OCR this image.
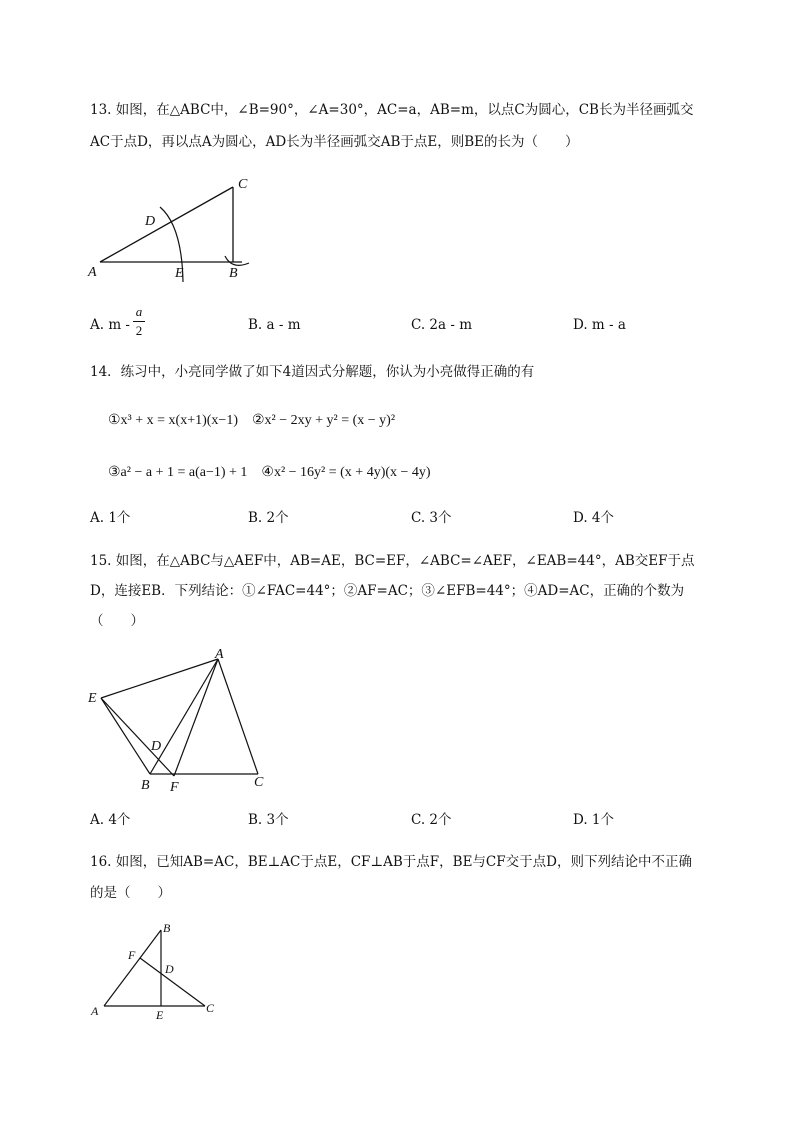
13. 如图，在△ABC中，∠B=90°，∠A=30°，AC=a，AB=m，以点C为圆心，CB长为半径画弧交
AC于点D，再以点A为圆心，AD长为半径画弧交AB于点E，则BE的长为（　　）
A	E	B
C
D
A. m -
a
2	B. a - m	C. 2a - m	D. m - a
14．练习中，小亮同学做了如下4道因式分解题，你认为小亮做得正确的有
①x³ + x = x(x+1)(x−1)　②x² − 2xy + y² = (x − y)²
③a² − a + 1 = a(a−1) + 1　④x² − 16y² = (x + 4y)(x − 4y)
A. 1个	B. 2个	C. 3个	D. 4个
15. 如图，在△ABC与△AEF中，AB=AE，BC=EF，∠ABC=∠AEF，∠EAB=44°，AB交EF于点
D，连接EB．下列结论：①∠FAC=44°；②AF=AC；③∠EFB=44°；④AD=AC，正确的个数为
（　　）
A
E
D
B F	C
A. 4个	B. 3个	C. 2个	D. 1个
16. 如图，已知AB=AC，BE⊥AC于点E，CF⊥AB于点F，BE与CF交于点D，则下列结论中不正确
的是（　　）
B
F
D
A	E	C
